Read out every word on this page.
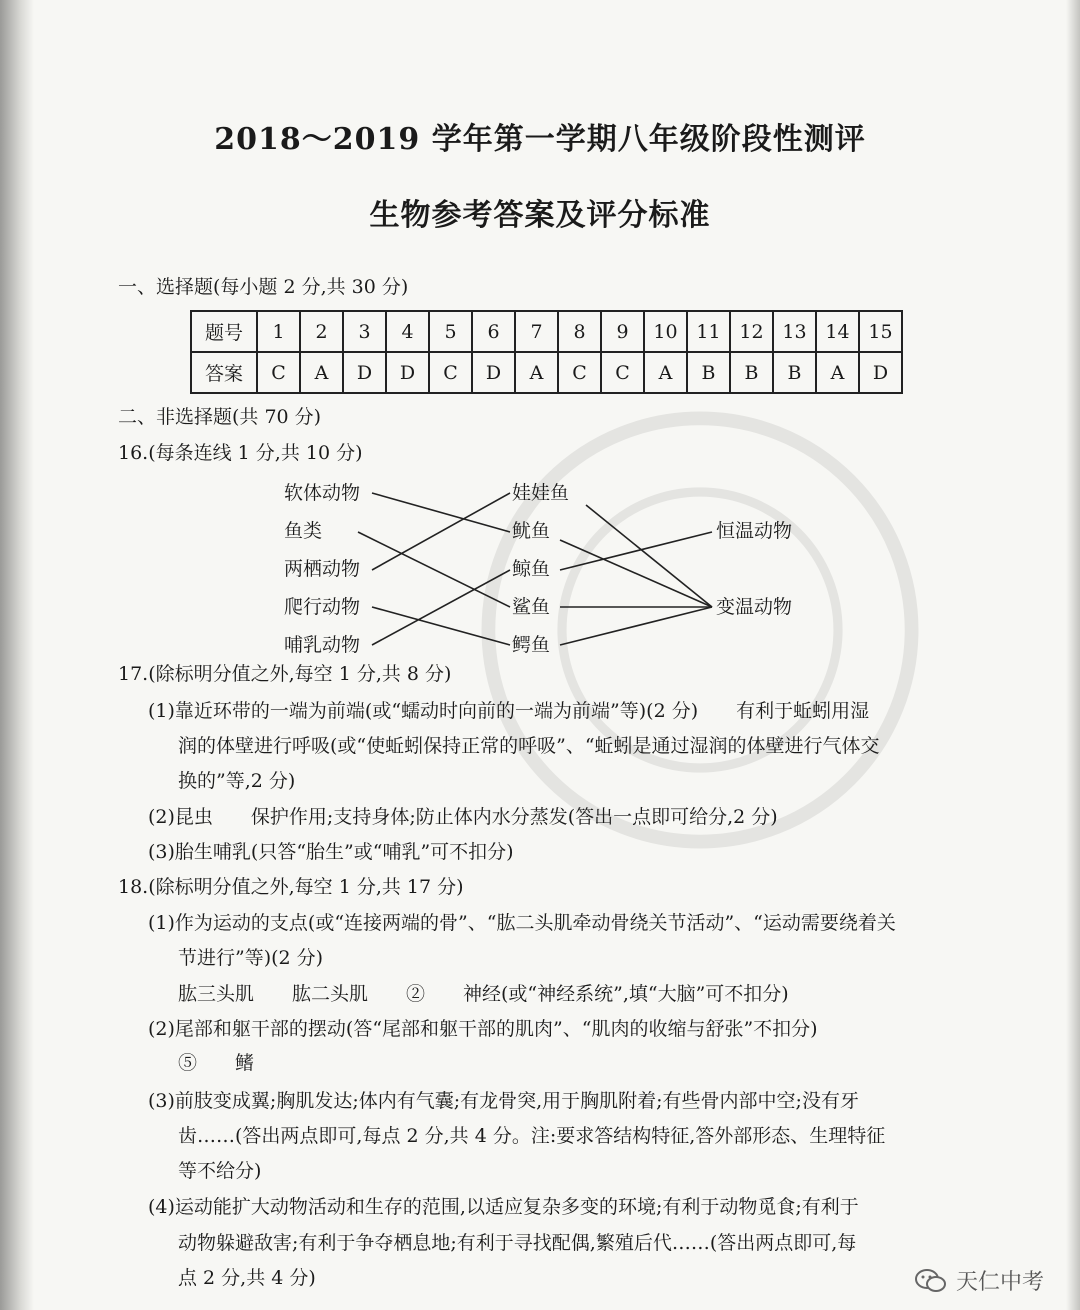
2018～2019 学年第一学期八年级阶段性测评
生物参考答案及评分标准
一、选择题(每小题 2 分,共 30 分)
题号	1	2	3	4	5	6	7	8	9	10	11	12	13	14	15
答案	C	A	D	D	C	D	A	C	C	A	B	B	B	A	D
二、非选择题(共 70 分)
16.(每条连线 1 分,共 10 分)
软体动物
鱼类
两栖动物
爬行动物
哺乳动物
娃娃鱼
鱿鱼
鲸鱼
鲨鱼
鳄鱼
恒温动物
变温动物
17.(除标明分值之外,每空 1 分,共 8 分)
(1)靠近环带的一端为前端(或“蠕动时向前的一端为前端”等)(2 分)　　有利于蚯蚓用湿
润的体壁进行呼吸(或“使蚯蚓保持正常的呼吸”、“蚯蚓是通过湿润的体壁进行气体交
换的”等,2 分)
(2)昆虫　　保护作用;支持身体;防止体内水分蒸发(答出一点即可给分,2 分)
(3)胎生哺乳(只答“胎生”或“哺乳”可不扣分)
18.(除标明分值之外,每空 1 分,共 17 分)
(1)作为运动的支点(或“连接两端的骨”、“肱二头肌牵动骨绕关节活动”、“运动需要绕着关
节进行”等)(2 分)
肱三头肌　　肱二头肌　　②　　神经(或“神经系统”,填“大脑”可不扣分)
(2)尾部和躯干部的摆动(答“尾部和躯干部的肌肉”、“肌肉的收缩与舒张”不扣分)
⑤　　鳍
(3)前肢变成翼;胸肌发达;体内有气囊;有龙骨突,用于胸肌附着;有些骨内部中空;没有牙
齿……(答出两点即可,每点 2 分,共 4 分。注:要求答结构特征,答外部形态、生理特征
等不给分)
(4)运动能扩大动物活动和生存的范围,以适应复杂多变的环境;有利于动物觅食;有利于
动物躲避敌害;有利于争夺栖息地;有利于寻找配偶,繁殖后代……(答出两点即可,每
点 2 分,共 4 分)	天仁中考
